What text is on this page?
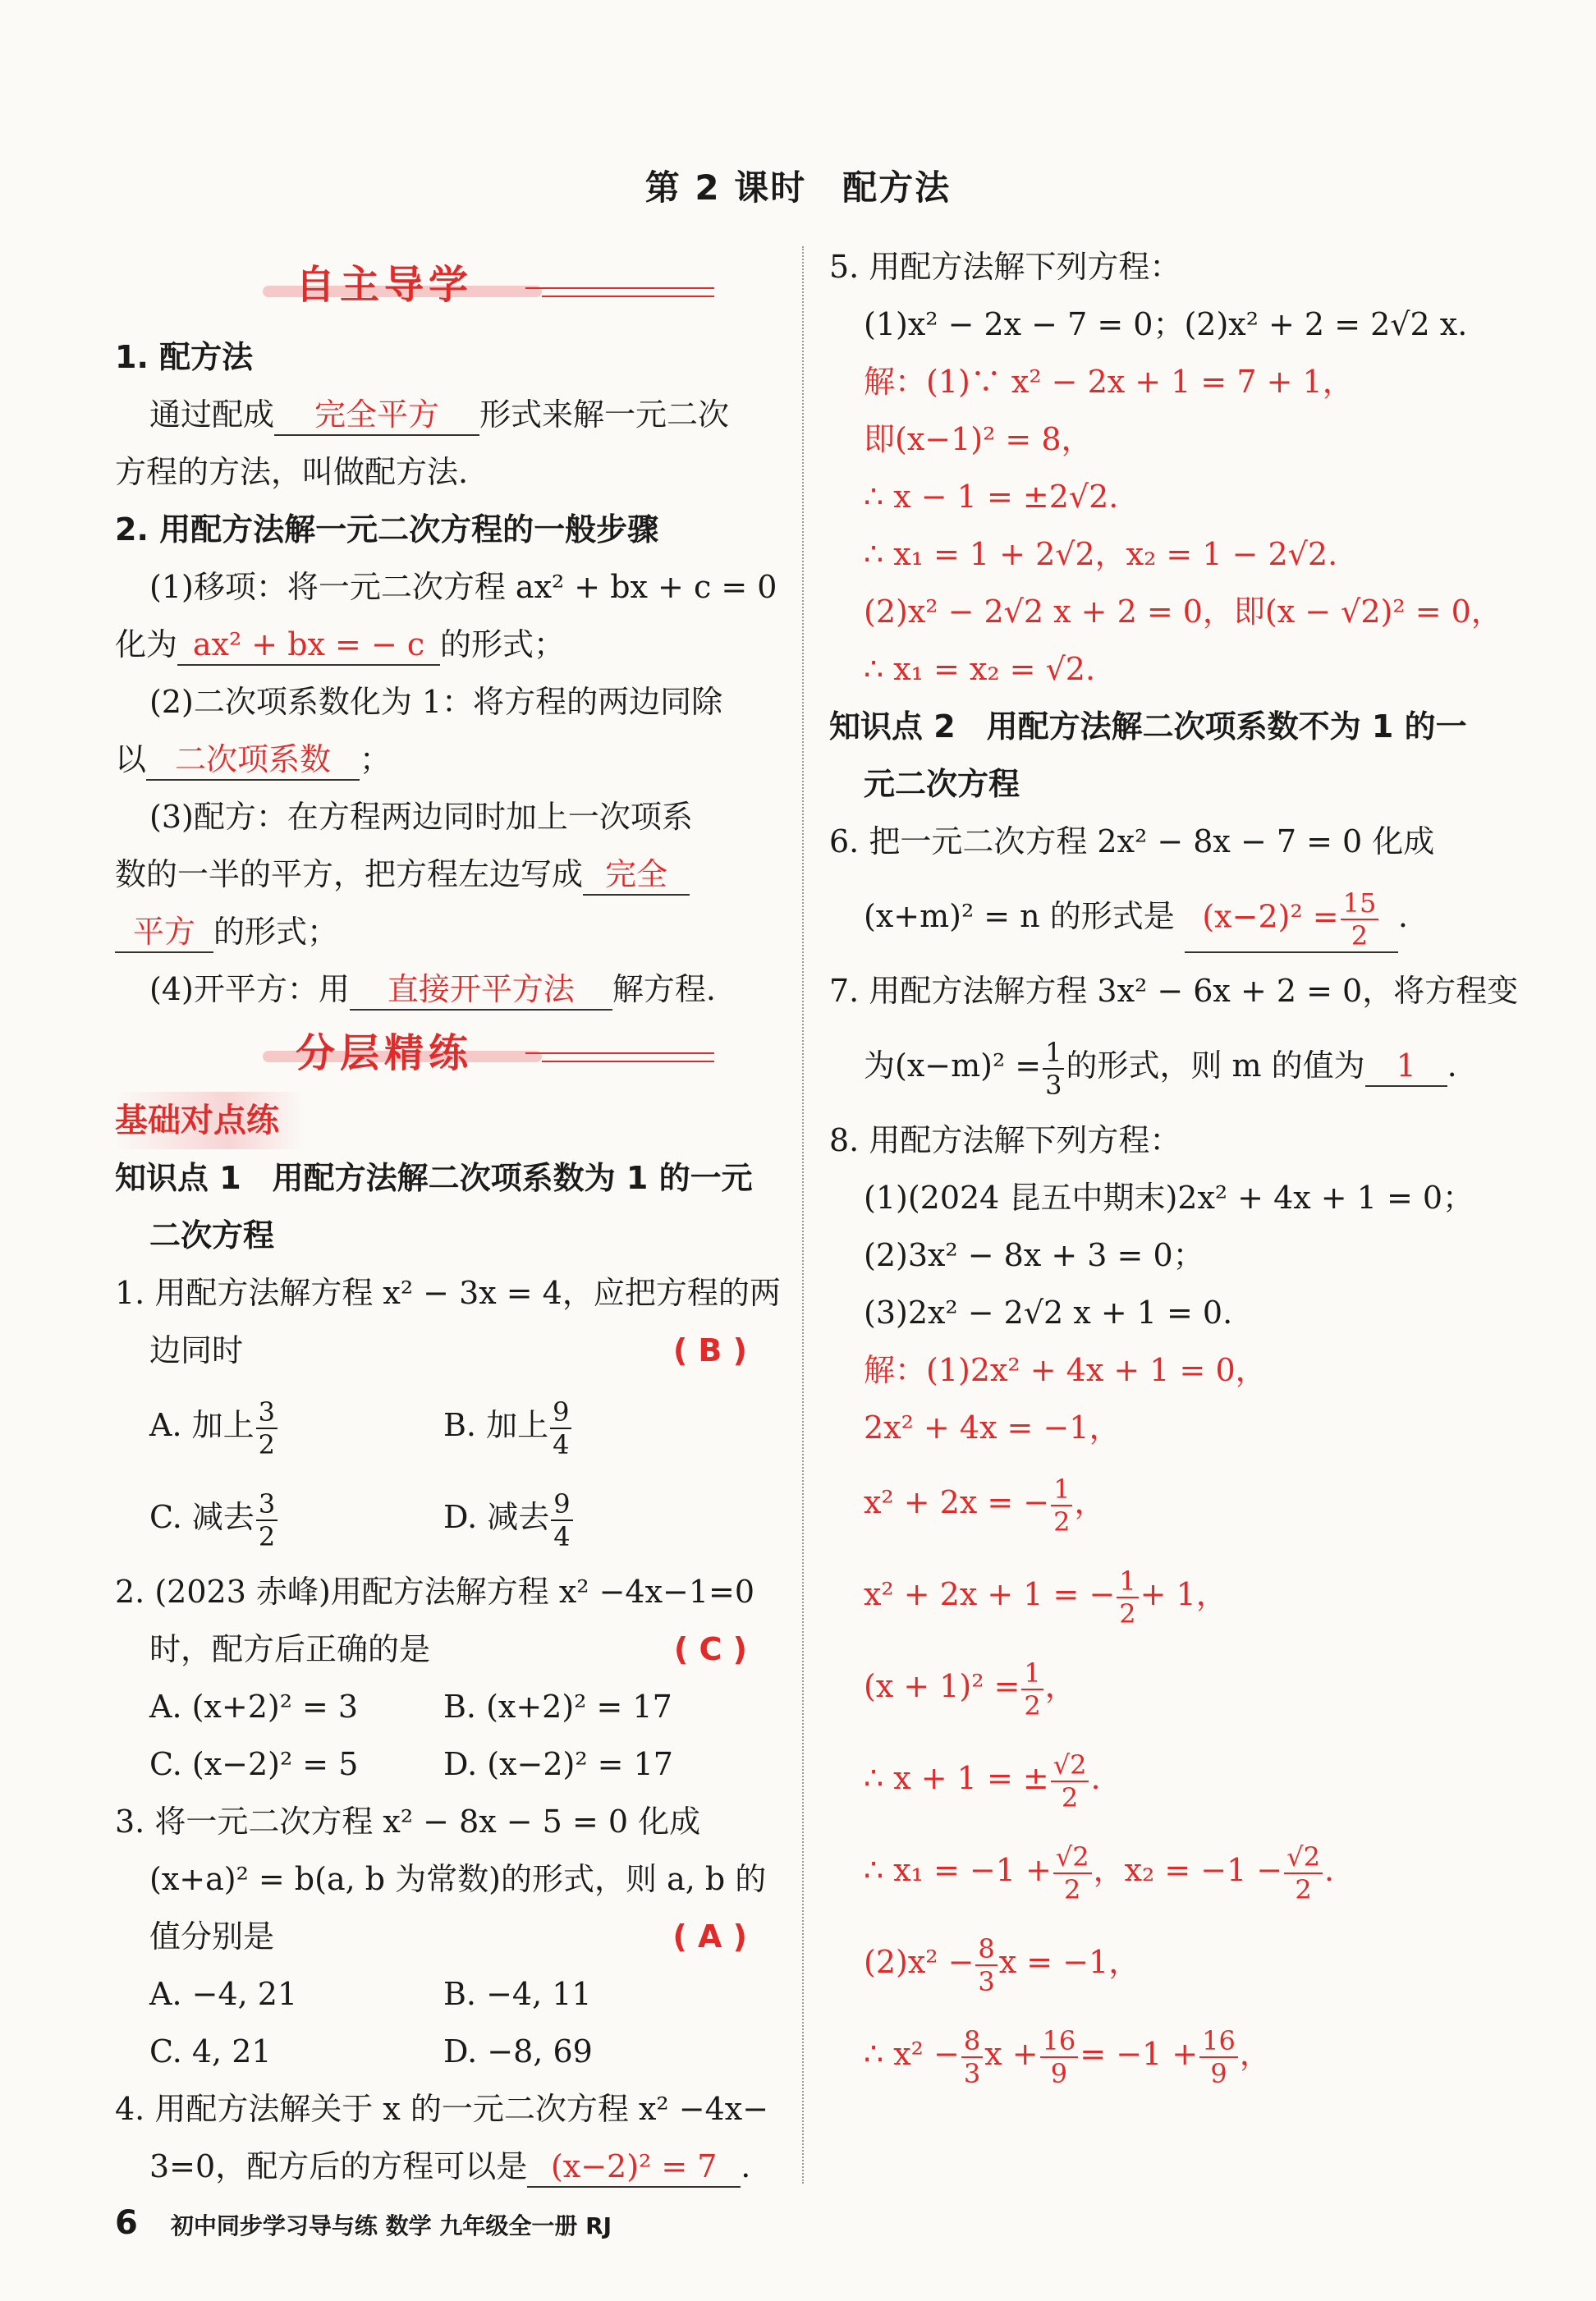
第 2 课时　配方法
自主导学
1. 配方法
通过配成 完全平方 形式来解一元二次
方程的方法，叫做配方法.
2. 用配方法解一元二次方程的一般步骤
(1)移项：将一元二次方程 ax² + bx + c = 0
化为 ax² + bx = − c 的形式；
(2)二次项系数化为 1：将方程的两边同除
以 二次项系数 ；
(3)配方：在方程两边同时加上一次项系
数的一半的平方，把方程左边写成 完全
平方 的形式；
(4)开平方：用 直接开平方法 解方程.
分层精练
基础对点练
知识点 1　用配方法解二次项系数为 1 的一元
二次方程
1. 用配方法解方程 x² − 3x = 4，应把方程的两
边同时	( B )
A. 加上 $\frac{3}{2}$	B. 加上 $\frac{9}{4}$
C. 减去 $\frac{3}{2}$	D. 减去 $\frac{9}{4}$
2. (2023 赤峰)用配方法解方程 x² −4x−1=0
时，配方后正确的是	( C )
A. (x+2)² = 3	B. (x+2)² = 17
C. (x−2)² = 5	D. (x−2)² = 17
3. 将一元二次方程 x² − 8x − 5 = 0 化成
(x+a)² = b(a, b 为常数)的形式，则 a, b 的
值分别是	( A )
A. −4, 21	B. −4, 11
C. 4, 21	D. −8, 69
4. 用配方法解关于 x 的一元二次方程 x² −4x−
3=0，配方后的方程可以是 (x−2)² = 7 .
5. 用配方法解下列方程：
(1)x² − 2x − 7 = 0；(2)x² + 2 = 2√2 x.
解：(1)∵ x² − 2x + 1 = 7 + 1，
即(x−1)² = 8，
∴ x − 1 = ±2√2.
∴ x₁ = 1 + 2√2，x₂ = 1 − 2√2.
(2)x² − 2√2 x + 2 = 0，即(x − √2)² = 0，
∴ x₁ = x₂ = √2.
知识点 2　用配方法解二次项系数不为 1 的一
元二次方程
6. 把一元二次方程 2x² − 8x − 7 = 0 化成
(x+m)² = n 的形式是 $(x-2)^2 = \frac{15}{2}$ .
7. 用配方法解方程 3x² − 6x + 2 = 0，将方程变
为$(x-m)^2 = \frac{1}{3}$ 的形式，则 m 的值为 1 .
8. 用配方法解下列方程：
(1)(2024 昆五中期末)2x² + 4x + 1 = 0；
(2)3x² − 8x + 3 = 0；
(3)2x² − 2√2 x + 1 = 0.
解：(1)2x² + 4x + 1 = 0，
2x² + 4x = −1，
x² + 2x = − $\frac{1}{2}$ ，
x² + 2x + 1 = − $\frac{1}{2} + 1$，
$(x + 1)^2 = \frac{1}{2}$ ，
∴ x + 1 = ± $\frac{√2}{2}$ .
∴ $x_1 = -1 + \frac{√2}{2}$ ，$x_2 = -1 - \frac{√2}{2}$ .
$(2)x^2 - \frac{8}{3}$ x = −1，
∴ $x^2 - \frac{8}{3}$ $x + \frac{16}{9} = -1 + \frac{16}{9}$ ，
6 初中同步学习导与练 数学 九年级全一册 RJ
